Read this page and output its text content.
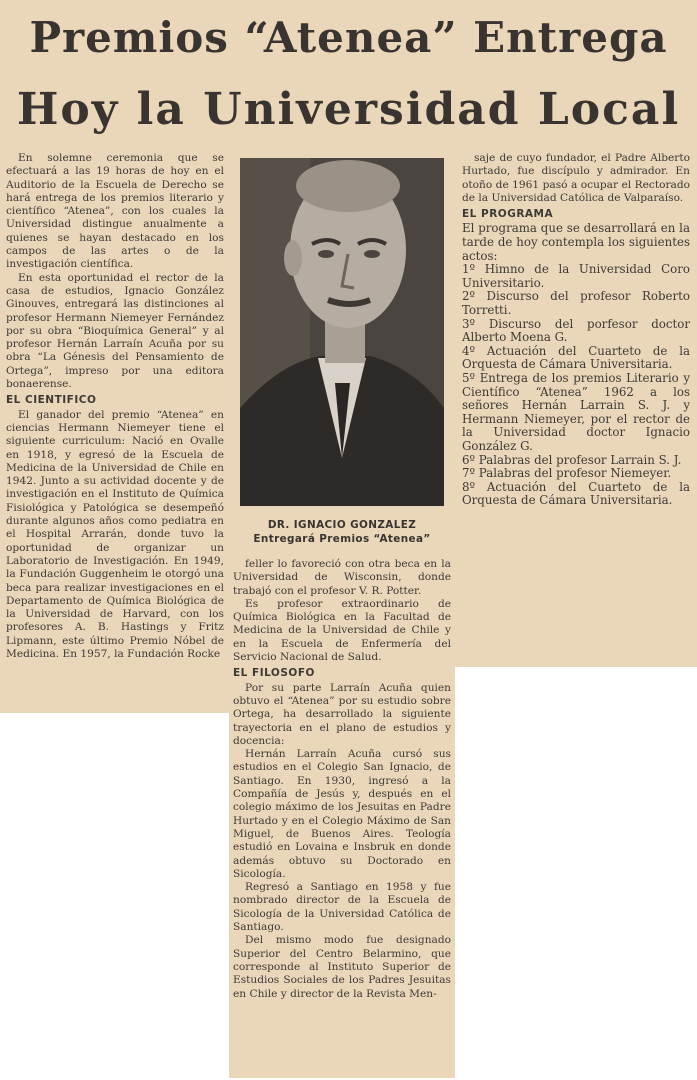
Premios “Atenea” Entrega
Hoy la Universidad Local

En solemne ceremonia que se efectuará a las 19 horas de hoy en el Auditorio de la Escuela de Derecho se hará entrega de los premios literario y científico “Atenea”, con los cuales la Universidad distingue anualmente a quienes se hayan destacado en los campos de las artes o de la investigación científica.

En esta oportunidad el rector de la casa de estudios, Ignacio González Ginouves, entregará las distinciones al profesor Hermann Niemeyer Fernández por su obra “Bioquímica General” y al profesor Hernán Larraín Acuña por su obra “La Génesis del Pensamiento de Ortega”, impreso por una editora bonaerense.

EL CIENTIFICO

El ganador del premio “Atenea” en ciencias Hermann Niemeyer tiene el siguiente curriculum: Nació en Ovalle en 1918, y egresó de la Escuela de Medicina de la Universidad de Chile en 1942. Junto a su actividad docente y de investigación en el Instituto de Química Fisiológica y Patológica se desempeñó durante algunos años como pediatra en el Hospital Arrarán, donde tuvo la oportunidad de organizar un Laboratorio de Investigación. En 1949, la Fundación Guggenheim le otorgó una beca para realizar investigaciones en el Departamento de Química Biológica de la Universidad de Harvard, con los profesores A. B. Hastings y Fritz Lipmann, este último Premio Nóbel de Medicina. En 1957, la Fundación Rocke

DR. IGNACIO GONZALEZ
Entregará Premios “Atenea”

feller lo favoreció con otra beca en la Universidad de Wisconsin, donde trabajó con el profesor V. R. Potter.

Es profesor extraordinario de Química Biológica en la Facultad de Medicina de la Universidad de Chile y en la Escuela de Enfermería del Servicio Nacional de Salud.

EL FILOSOFO

Por su parte Larraín Acuña quien obtuvo el “Atenea” por su estudio sobre Ortega, ha desarrollado la siguiente trayectoria en el plano de estudios y docencia:

Hernán Larraín Acuña cursó sus estudios en el Colegio San Ignacio, de Santiago. En 1930, ingresó a la Compañía de Jesús y, después en el colegio máximo de los Jesuitas en Padre Hurtado y en el Colegio Máximo de San Miguel, de Buenos Aires. Teología estudió en Lovaina e Insbruk en donde además obtuvo su Doctorado en Sicología.

Regresó a Santiago en 1958 y fue nombrado director de la Escuela de Sicología de la Universidad Católica de Santiago.

Del mismo modo fue designado Superior del Centro Belarmino, que corresponde al Instituto Superior de Estudios Sociales de los Padres Jesuitas en Chile y director de la Revista Men-

saje de cuyo fundador, el Padre Alberto Hurtado, fue discípulo y admirador. En otoño de 1961 pasó a ocupar el Rectorado de la Universidad Católica de Valparaíso.

EL PROGRAMA

El programa que se desarrollará en la tarde de hoy contempla los siguientes actos:

1º Himno de la Universidad Coro Universitario.

2º Discurso del profesor Roberto Torretti.

3º Discurso del porfesor doctor Alberto Moena G.

4º Actuación del Cuarteto de la Orquesta de Cámara Universitaria.

5º Entrega de los premios Literario y Científico “Atenea” 1962 a los señores Hernán Larrain S. J. y Hermann Niemeyer, por el rector de la Universidad doctor Ignacio González G.

6º Palabras del profesor Larrain S. J.

7º Palabras del profesor Niemeyer.

8º Actuación del Cuarteto de la Orquesta de Cámara Universitaria.
